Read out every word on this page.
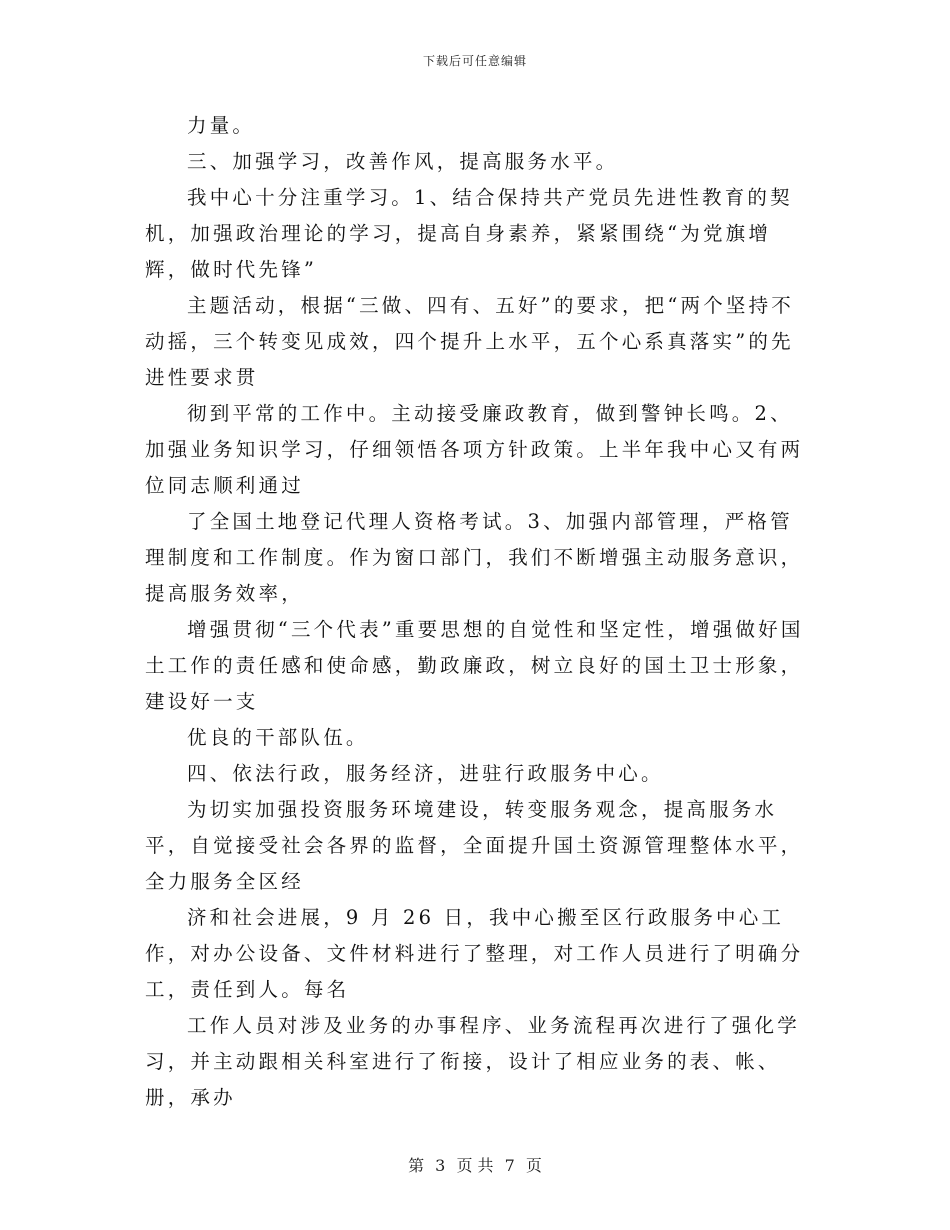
下载后可任意编辑

力量。

三、加强学习，改善作风，提高服务水平。

我中心十分注重学习。1、结合保持共产党员先进性教育的契机，加强政治理论的学习，提高自身素养，紧紧围绕“为党旗增辉，做时代先锋”

主题活动，根据“三做、四有、五好”的要求，把“两个坚持不动摇，三个转变见成效，四个提升上水平，五个心系真落实”的先进性要求贯

彻到平常的工作中。主动接受廉政教育，做到警钟长鸣。2、加强业务知识学习，仔细领悟各项方针政策。上半年我中心又有两位同志顺利通过

了全国土地登记代理人资格考试。3、加强内部管理，严格管理制度和工作制度。作为窗口部门，我们不断增强主动服务意识，提高服务效率，

增强贯彻“三个代表”重要思想的自觉性和坚定性，增强做好国土工作的责任感和使命感，勤政廉政，树立良好的国土卫士形象，建设好一支

优良的干部队伍。

四、依法行政，服务经济，进驻行政服务中心。

为切实加强投资服务环境建设，转变服务观念，提高服务水平，自觉接受社会各界的监督，全面提升国土资源管理整体水平，全力服务全区经

济和社会进展，9 月 26 日，我中心搬至区行政服务中心工作，对办公设备、文件材料进行了整理，对工作人员进行了明确分工，责任到人。每名

工作人员对涉及业务的办事程序、业务流程再次进行了强化学习，并主动跟相关科室进行了衔接，设计了相应业务的表、帐、册，承办

第 3 页 共 7 页
